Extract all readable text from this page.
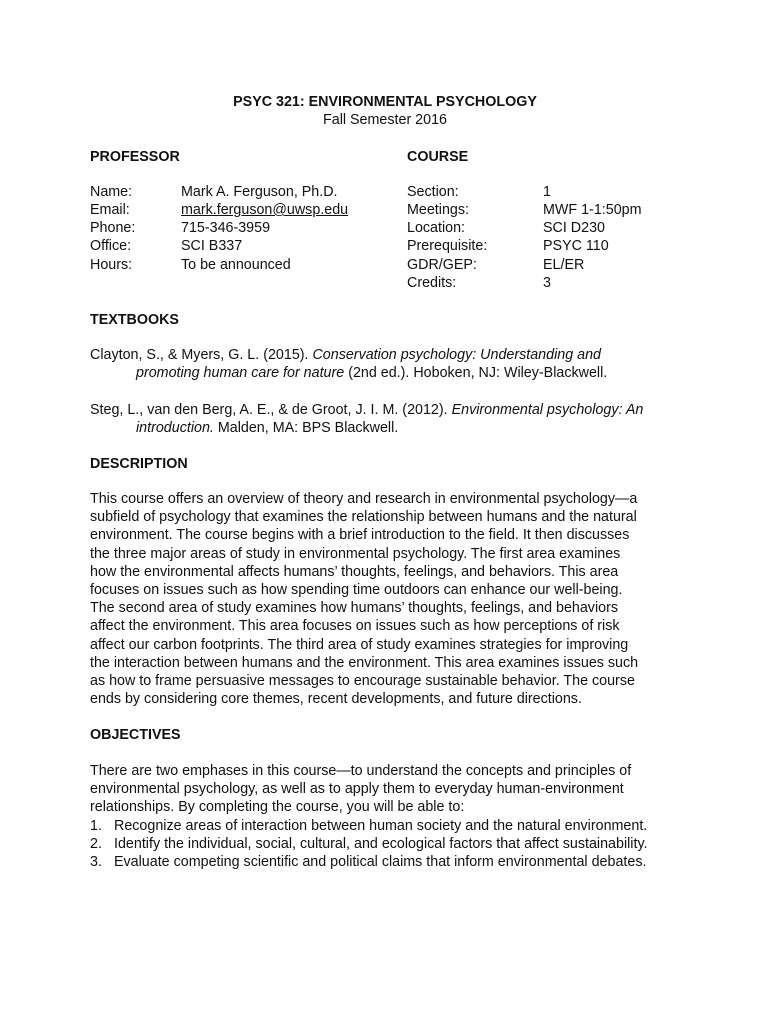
PSYC 321: ENVIRONMENTAL PSYCHOLOGY
Fall Semester 2016
PROFESSOR	COURSE
Name:	Mark A. Ferguson, Ph.D.
Email:	mark.ferguson@uwsp.edu
Phone:	715-346-3959
Office:	SCI B337
Hours:	To be announced
Section:	1
Meetings:	MWF 1-1:50pm
Location:	SCI D230
Prerequisite:	PSYC 110
GDR/GEP:	EL/ER
Credits:	3
TEXTBOOKS
Clayton, S., & Myers, G. L. (2015). Conservation psychology: Understanding and
promoting human care for nature (2nd ed.). Hoboken, NJ: Wiley-Blackwell.
Steg, L., van den Berg, A. E., & de Groot, J. I. M. (2012). Environmental psychology: An
introduction. Malden, MA: BPS Blackwell.
DESCRIPTION
This course offers an overview of theory and research in environmental psychology—a
subfield of psychology that examines the relationship between humans and the natural
environment. The course begins with a brief introduction to the field. It then discusses
the three major areas of study in environmental psychology. The first area examines
how the environmental affects humans’ thoughts, feelings, and behaviors. This area
focuses on issues such as how spending time outdoors can enhance our well-being.
The second area of study examines how humans’ thoughts, feelings, and behaviors
affect the environment. This area focuses on issues such as how perceptions of risk
affect our carbon footprints. The third area of study examines strategies for improving
the interaction between humans and the environment. This area examines issues such
as how to frame persuasive messages to encourage sustainable behavior. The course
ends by considering core themes, recent developments, and future directions.
OBJECTIVES
There are two emphases in this course—to understand the concepts and principles of
environmental psychology, as well as to apply them to everyday human-environment
relationships. By completing the course, you will be able to:
1. Recognize areas of interaction between human society and the natural environment.
2. Identify the individual, social, cultural, and ecological factors that affect sustainability.
3. Evaluate competing scientific and political claims that inform environmental debates.
